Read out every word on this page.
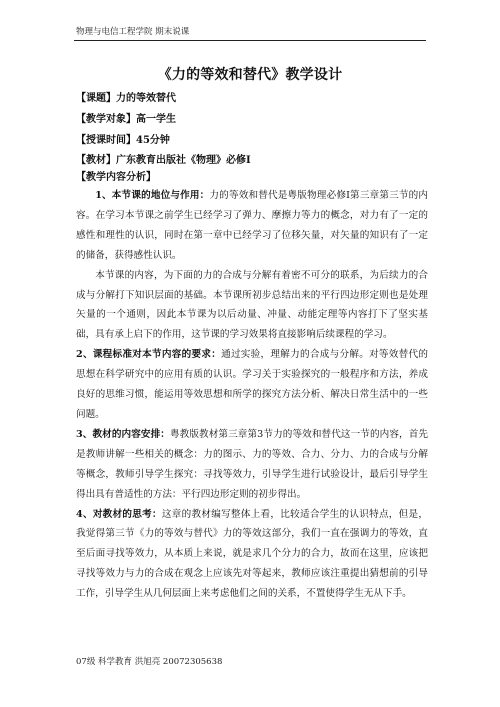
物理与电信工程学院 期末说课
《力的等效和替代》教学设计
【课题】力的等效替代
【教学对象】高一学生
【授课时间】45分钟
【教材】广东教育出版社《物理》必修Ⅰ
【教学内容分析】

1、本节课的地位与作用：力的等效和替代是粤版物理必修Ⅰ第三章第三节的内容。在学习本节课之前学生已经学习了弹力、摩擦力等力的概念，对力有了一定的感性和理性的认识，同时在第一章中已经学习了位移矢量，对矢量的知识有了一定的储备，获得感性认识。

本节课的内容，为下面的力的合成与分解有着密不可分的联系，为后续力的合成与分解打下知识层面的基础。本节课所初步总结出来的平行四边形定则也是处理矢量的一个通则，因此本节课为以后动量、冲量、动能定理等内容打下了坚实基础，具有承上启下的作用，这节课的学习效果将直接影响后续课程的学习。

2、课程标准对本节内容的要求：通过实验，理解力的合成与分解。对等效替代的思想在科学研究中的应用有质的认识。学习关于实验探究的一般程序和方法，养成良好的思维习惯，能运用等效思想和所学的探究方法分析、解决日常生活中的一些问题。

3、教材的内容安排：粤教版教材第三章第3节力的等效和替代这一节的内容，首先是教师讲解一些相关的概念：力的图示、力的等效、合力、分力、力的合成与分解等概念，教师引导学生探究：寻找等效力，引导学生进行试验设计，最后引导学生得出具有普适性的方法：平行四边形定则的初步得出。

4、对教材的思考：这章的教材编写整体上看，比较适合学生的认识特点，但是，我觉得第三节《力的等效与替代》力的等效这部分，我们一直在强调力的等效，直至后面寻找等效力，从本质上来说，就是求几个分力的合力，故而在这里，应该把寻找等效力与力的合成在观念上应该先对等起来，教师应该注重提出猜想前的引导工作，引导学生从几何层面上来考虑他们之间的关系，不置使得学生无从下手。

07级 科学教育 洪旭亮 20072305638
